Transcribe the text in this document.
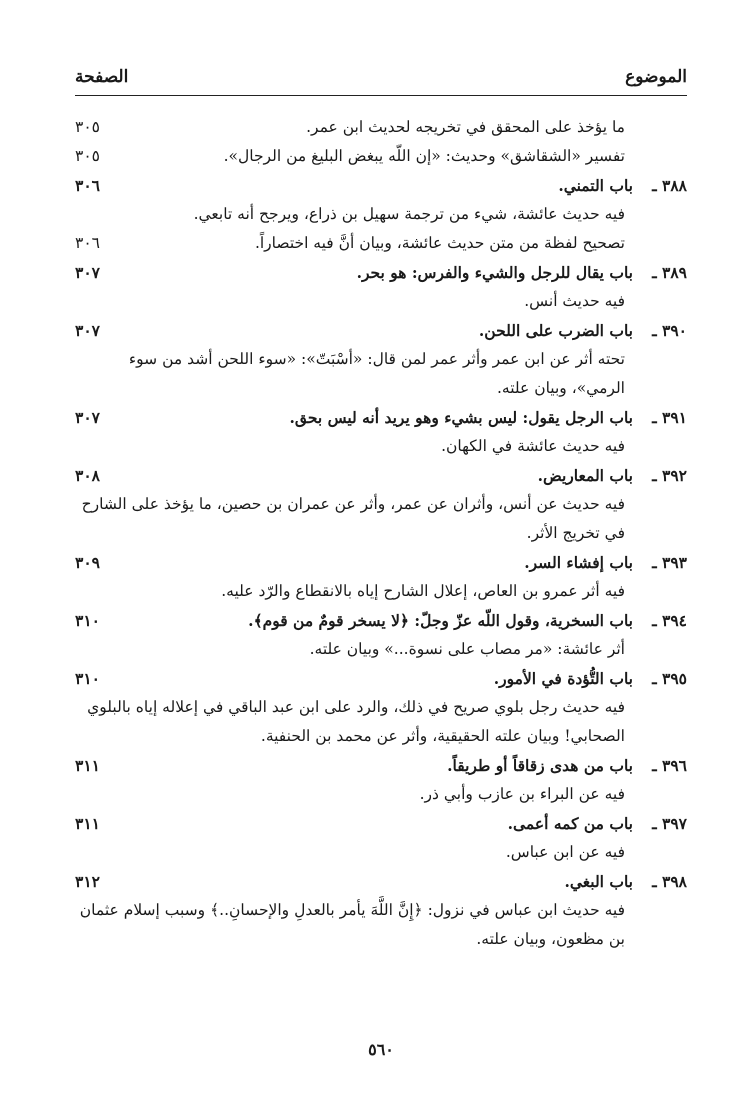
الموضوع
الصفحة
ما يؤخذ على المحقق في تخريجه لحديث ابن عمر.
٣٠٥
تفسير «الشقاشق» وحديث: «إن اللّه يبغض البليغ من الرجال».
٣٠٥
٣٨٨ ـباب التمني.
٣٠٦
فيه حديث عائشة، شيء من ترجمة سهيل بن ذراع، ويرجح أنه تابعي.
تصحيح لفظة من متن حديث عائشة، وبيان أنَّ فيه اختصاراً.
٣٠٦
٣٨٩ ـباب يقال للرجل والشيء والفرس: هو بحر.
٣٠٧
فيه حديث أنس.
٣٩٠ ـباب الضرب على اللحن.
٣٠٧
تحته أثر عن ابن عمر وأثر عمر لمن قال: «أسْبَتّ»: «سوء اللحن أشد من سوء الرمي»، وبيان علته.
٣٩١ ـباب الرجل يقول: ليس بشيء وهو يريد أنه ليس بحق.
٣٠٧
فيه حديث عائشة في الكهان.
٣٩٢ ـباب المعاريض.
٣٠٨
فيه حديث عن أنس، وأثران عن عمر، وأثر عن عمران بن حصين، ما يؤخذ على الشارح في تخريج الأثر.
٣٩٣ ـباب إفشاء السر.
٣٠٩
فيه أثر عمرو بن العاص، إعلال الشارح إياه بالانقطاع والرّد عليه.
٣٩٤ ـباب السخرية، وقول اللّه عزّ وجلّ: ﴿لا يسخر قومٌ من قوم﴾.
٣١٠
أثر عائشة: «مر مصاب على نسوة...» وبيان علته.
٣٩٥ ـباب التُّؤدة في الأمور.
٣١٠
فيه حديث رجل بلوي صريح في ذلك، والرد على ابن عبد الباقي في إعلاله إياه بالبلوي الصحابي! وبيان علته الحقيقية، وأثر عن محمد بن الحنفية.
٣٩٦ ـباب من هدى زقاقاً أو طريقاً.
٣١١
فيه عن البراء بن عازب وأبي ذر.
٣٩٧ ـباب من كمه أعمى.
٣١١
فيه عن ابن عباس.
٣٩٨ ـباب البغي.
٣١٢
فيه حديث ابن عباس في نزول: ﴿إِنَّ اللَّهَ يأمر بالعدلِ والإحسانِ..﴾ وسبب إسلام عثمان بن مظعون، وبيان علته.
٥٦٠
